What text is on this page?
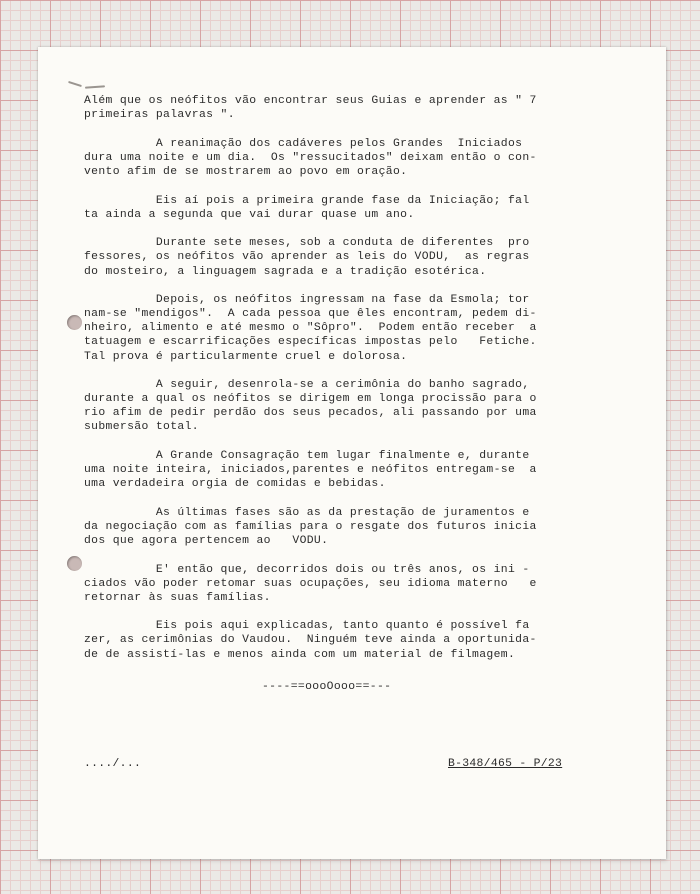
Além que os neófitos vão encontrar seus Guias e aprender as " 7
primeiras palavras ".
A reanimação dos cadáveres pelos Grandes  Iniciados
dura uma noite e um dia.  Os "ressucitados" deixam então o con-
vento afim de se mostrarem ao povo em oração.
Eis aí pois a primeira grande fase da Iniciação; fal
ta ainda a segunda que vai durar quase um ano.
Durante sete meses, sob a conduta de diferentes  pro
fessores, os neófitos vão aprender as leis do VODU,  as regras
do mosteiro, a linguagem sagrada e a tradição esotérica.
Depois, os neófitos ingressam na fase da Esmola; tor
nam-se "mendigos".  A cada pessoa que êles encontram, pedem di-
nheiro, alimento e até mesmo o "Sôpro".  Podem então receber  a
tatuagem e escarrificações específicas impostas pelo   Fetiche.
Tal prova é particularmente cruel e dolorosa.
A seguir, desenrola-se a cerimônia do banho sagrado,
durante a qual os neófitos se dirigem em longa procissão para o
rio afim de pedir perdão dos seus pecados, ali passando por uma
submersão total.
A Grande Consagração tem lugar finalmente e, durante
uma noite inteira, iniciados,parentes e neófitos entregam-se  a
uma verdadeira orgia de comidas e bebidas.
As últimas fases são as da prestação de juramentos e
da negociação com as famílias para o resgate dos futuros inicia
dos que agora pertencem ao   VODU.
E' então que, decorridos dois ou três anos, os ini -
ciados vão poder retomar suas ocupações, seu idioma materno   e
retornar às suas famílias.
Eis pois aqui explicadas, tanto quanto é possível fa
zer, as cerimônias do Vaudou.  Ninguém teve ainda a oportunida-
de de assistí-las e menos ainda com um material de filmagem.
----==oooOooo==---

..../...	B-348/465 - P/23
